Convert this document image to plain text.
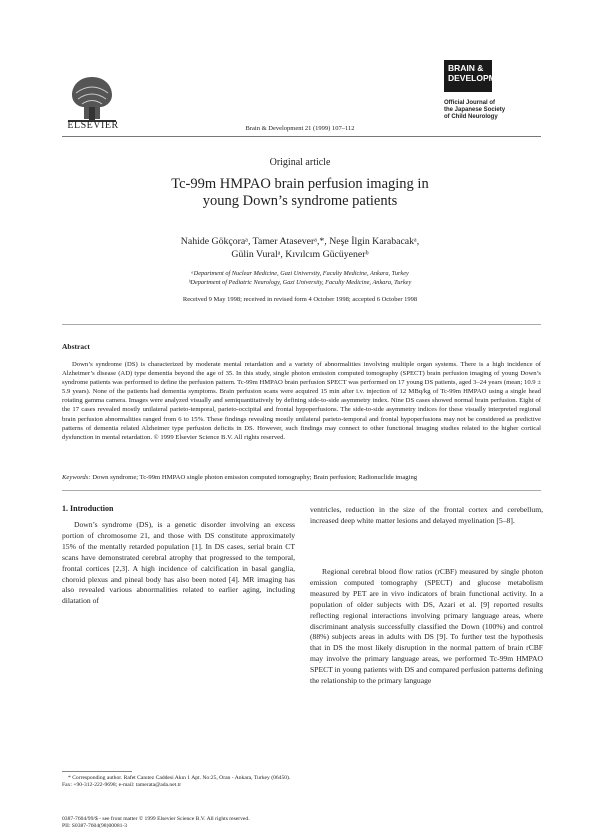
ELSEVIER	Brain & Development 21 (1999) 107–112
BRAIN &
DEVELOPMENT
Official Journal of
the Japanese Society
of Child Neurology
Original article
Tc-99m HMPAO brain perfusion imaging in
young Down’s syndrome patients
Nahide Gökçoraᵃ, Tamer Ataseverᵃ,*, Neşe İlgin Karabacakᵃ,
Gülin Vuralᵃ, Kıvılcım Gücüyenerᵇ
ᵃDepartment of Nuclear Medicine, Gazi University, Faculty Medicine, Ankara, Turkey
ᵇDepartment of Pediatric Neurology, Gazi University, Faculty Medicine, Ankara, Turkey
Received 9 May 1998; received in revised form 4 October 1998; accepted 6 October 1998
Abstract

Down’s syndrome (DS) is characterized by moderate mental retardation and a variety of abnormalities involving multiple organ systems. There is a high incidence of Alzheimer’s disease (AD) type dementia beyond the age of 35. In this study, single photon emission computed tomography (SPECT) brain perfusion imaging of young Down’s syndrome patients was performed to define the perfusion pattern. Tc-99m HMPAO brain perfusion SPECT was performed on 17 young DS patients, aged 3–24 years (mean; 10.9 ± 5.9 years). None of the patients had dementia symptoms. Brain perfusion scans were acquired 15 min after i.v. injection of 12 MBq/kg of Tc-99m HMPAO using a single head rotating gamma camera. Images were analyzed visually and semiquantitatively by defining side-to-side asymmetry index. Nine DS cases showed normal brain perfusion. Eight of the 17 cases revealed mostly unilateral parieto-temporal, parieto-occipital and frontal hypoperfusions. The side-to-side asymmetry indices for these visually interpreted regional brain perfusion abnormalities ranged from 6 to 15%. These findings revealing mostly unilateral parieto-temporal and frontal hypoperfusions may not be considered as predictive patterns of dementia related Alzheimer type perfusion deficits in DS. However, such findings may connect to other functional imaging studies related to the higher cortical dysfunction in mental retardation. © 1999 Elsevier Science B.V. All rights reserved.

Keywords: Down syndrome; Tc-99m HMPAO single photon emission computed tomography; Brain perfusion; Radionuclide imaging
1. Introduction

Down’s syndrome (DS), is a genetic disorder involving an excess portion of chromosome 21, and those with DS constitute approximately 15% of the mentally retarded population [1]. In DS cases, serial brain CT scans have demonstrated cerebral atrophy that progressed to the temporal, frontal cortices [2,3]. A high incidence of calcification in basal ganglia, choroid plexus and pineal body has also been noted [4]. MR imaging has also revealed various abnormalities related to earlier aging, including dilatation of

ventricles, reduction in the size of the frontal cortex and cerebellum, increased deep white matter lesions and delayed myelination [5–8].

Regional cerebral blood flow ratios (rCBF) measured by single photon emission computed tomography (SPECT) and glucose metabolism measured by PET are in vivo indicators of brain functional activity. In a population of older subjects with DS, Azari et al. [9] reported results reflecting regional interactions involving primary language areas, where discriminant analysis successfully classified the Down (100%) and control (88%) subjects areas in adults with DS [9]. To further test the hypothesis that in DS the most likely disruption in the normal pattern of brain rCBF may involve the primary language areas, we performed Tc-99m HMPAO SPECT in young patients with DS and compared perfusion patterns defining the relationship to the primary language

* Corresponding author. Rafet Canıtez Caddesi Akın 1 Apt. No:25, Oran - Ankara, Turkey (06450). Fax: +90-312-222-9698; e-mail: tamerata@ada.net.tr
0387-7604/99/$ - see front matter © 1999 Elsevier Science B.V. All rights reserved.
PII: S0387-7604(98)00081-3
